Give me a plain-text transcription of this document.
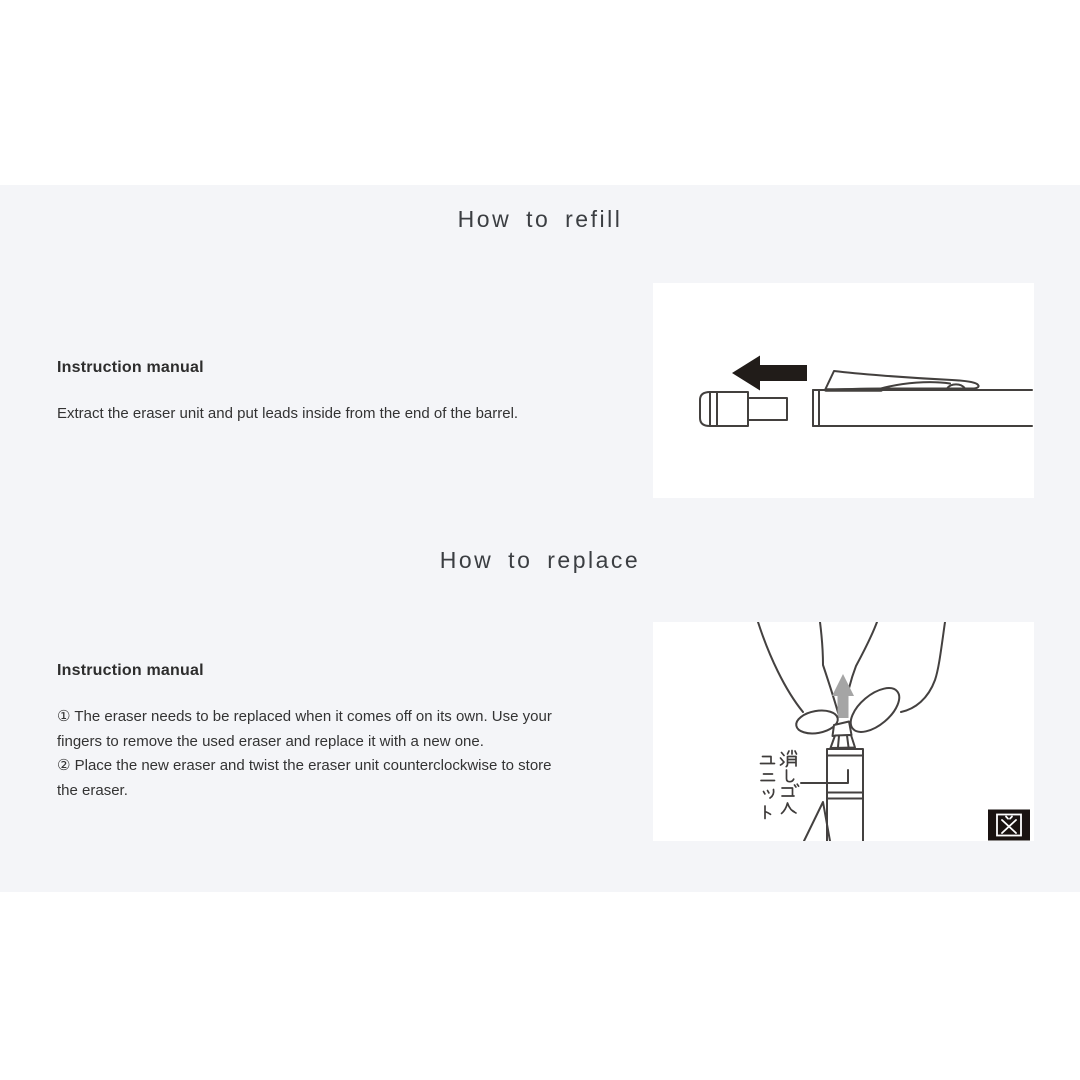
How to refill
Instruction manual

Extract the eraser unit and put leads inside from the end of the barrel.

How to replace
Instruction manual

① The eraser needs to be replaced when it comes off on its own. Use your fingers to remove the used eraser and replace it with a new one.

② Place the new eraser and twist the eraser unit counterclockwise to store the eraser.
